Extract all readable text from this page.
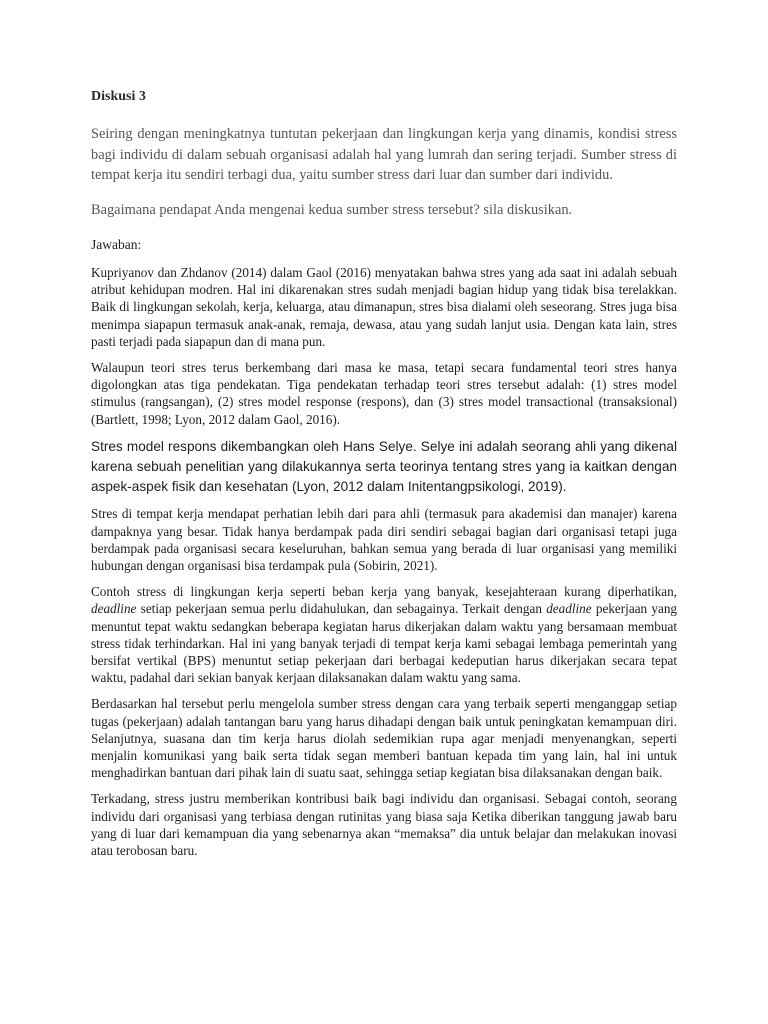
Diskusi 3

Seiring dengan meningkatnya tuntutan pekerjaan dan lingkungan kerja yang dinamis, kondisi stress bagi individu di dalam sebuah organisasi adalah hal yang lumrah dan sering terjadi. Sumber stress di tempat kerja itu sendiri terbagi dua, yaitu sumber stress dari luar dan sumber dari individu.

Bagaimana pendapat Anda mengenai kedua sumber stress tersebut? sila diskusikan.

Jawaban:

Kupriyanov dan Zhdanov (2014) dalam Gaol (2016) menyatakan bahwa stres yang ada saat ini adalah sebuah atribut kehidupan modren. Hal ini dikarenakan stres sudah menjadi bagian hidup yang tidak bisa terelakkan. Baik di lingkungan sekolah, kerja, keluarga, atau dimanapun, stres bisa dialami oleh seseorang. Stres juga bisa menimpa siapapun termasuk anak-anak, remaja, dewasa, atau yang sudah lanjut usia. Dengan kata lain, stres pasti terjadi pada siapapun dan di mana pun.

Walaupun teori stres terus berkembang dari masa ke masa, tetapi secara fundamental teori stres hanya digolongkan atas tiga pendekatan. Tiga pendekatan terhadap teori stres tersebut adalah: (1) stres model stimulus (rangsangan), (2) stres model response (respons), dan (3) stres model transactional (transaksional) (Bartlett, 1998; Lyon, 2012 dalam Gaol, 2016).

Stres model respons dikembangkan oleh Hans Selye. Selye ini adalah seorang ahli yang dikenal karena sebuah penelitian yang dilakukannya serta teorinya tentang stres yang ia kaitkan dengan aspek-aspek fisik dan kesehatan (Lyon, 2012 dalam Initentangpsikologi, 2019).

Stres di tempat kerja mendapat perhatian lebih dari para ahli (termasuk para akademisi dan manajer) karena dampaknya yang besar. Tidak hanya berdampak pada diri sendiri sebagai bagian dari organisasi tetapi juga berdampak pada organisasi secara keseluruhan, bahkan semua yang berada di luar organisasi yang memiliki hubungan dengan organisasi bisa terdampak pula (Sobirin, 2021).

Contoh stress di lingkungan kerja seperti beban kerja yang banyak, kesejahteraan kurang diperhatikan, deadline setiap pekerjaan semua perlu didahulukan, dan sebagainya. Terkait dengan deadline pekerjaan yang menuntut tepat waktu sedangkan beberapa kegiatan harus dikerjakan dalam waktu yang bersamaan membuat stress tidak terhindarkan. Hal ini yang banyak terjadi di tempat kerja kami sebagai lembaga pemerintah yang bersifat vertikal (BPS) menuntut setiap pekerjaan dari berbagai kedeputian harus dikerjakan secara tepat waktu, padahal dari sekian banyak kerjaan dilaksanakan dalam waktu yang sama.

Berdasarkan hal tersebut perlu mengelola sumber stress dengan cara yang terbaik seperti menganggap setiap tugas (pekerjaan) adalah tantangan baru yang harus dihadapi dengan baik untuk peningkatan kemampuan diri. Selanjutnya, suasana dan tim kerja harus diolah sedemikian rupa agar menjadi menyenangkan, seperti menjalin komunikasi yang baik serta tidak segan memberi bantuan kepada tim yang lain, hal ini untuk menghadirkan bantuan dari pihak lain di suatu saat, sehingga setiap kegiatan bisa dilaksanakan dengan baik.

Terkadang, stress justru memberikan kontribusi baik bagi individu dan organisasi. Sebagai contoh, seorang individu dari organisasi yang terbiasa dengan rutinitas yang biasa saja Ketika diberikan tanggung jawab baru yang di luar dari kemampuan dia yang sebenarnya akan “memaksa” dia untuk belajar dan melakukan inovasi atau terobosan baru.
